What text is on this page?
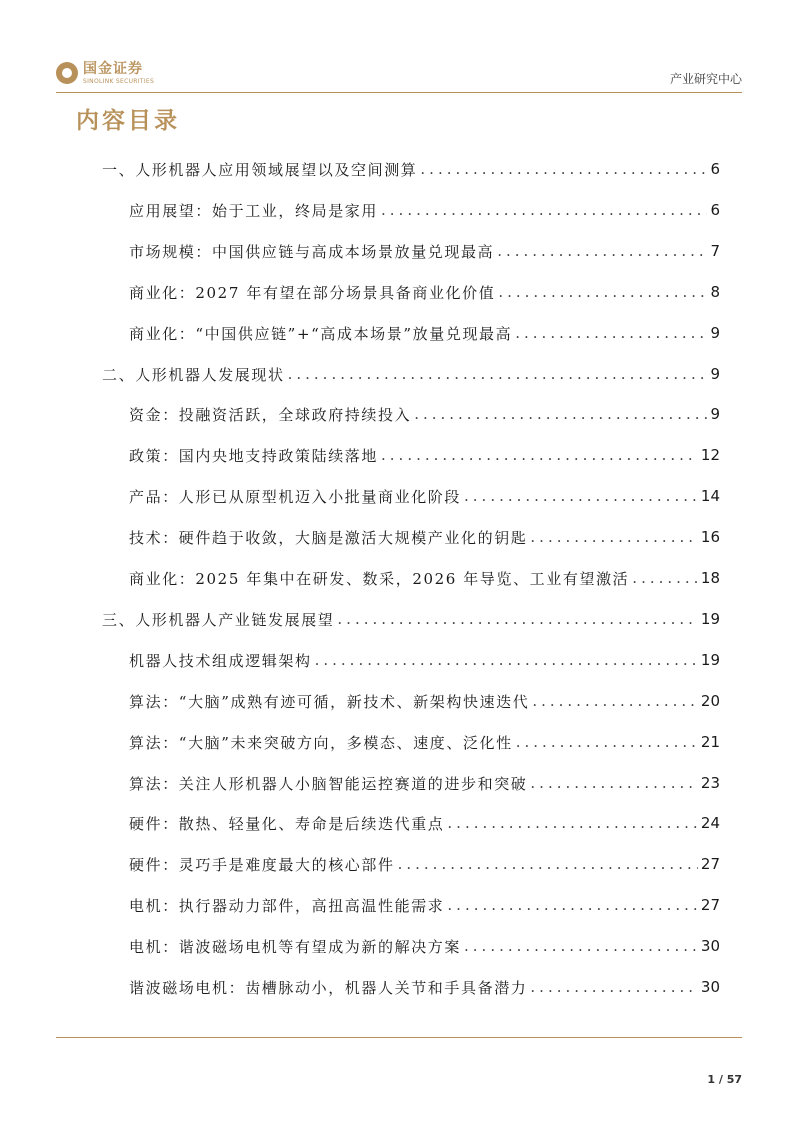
国金证券
SINOLINK SECURITIES	产业研究中心
内容目录
一、人形机器人应用领域展望以及空间测算 .....	6
应用展望：始于工业，终局是家用 .....	6
市场规模：中国供应链与高成本场景放量兑现最高 .....	7
商业化：2027 年有望在部分场景具备商业化价值 .....	8
商业化：“中国供应链”+“高成本场景”放量兑现最高 .....	9
二、人形机器人发展现状 .....	9
资金：投融资活跃，全球政府持续投入 .....	9
政策：国内央地支持政策陆续落地 .....	12
产品：人形已从原型机迈入小批量商业化阶段 .....	14
技术：硬件趋于收敛，大脑是激活大规模产业化的钥匙 .....	16
商业化：2025 年集中在研发、数采，2026 年导览、工业有望激活 .....	18
三、人形机器人产业链发展展望 .....	19
机器人技术组成逻辑架构 .....	19
算法：“大脑”成熟有迹可循，新技术、新架构快速迭代 .....	20
算法：“大脑”未来突破方向，多模态、速度、泛化性 .....	21
算法：关注人形机器人小脑智能运控赛道的进步和突破 .....	23
硬件：散热、轻量化、寿命是后续迭代重点 .....	24
硬件：灵巧手是难度最大的核心部件 .....	27
电机：执行器动力部件，高扭高温性能需求 .....	27
电机：谐波磁场电机等有望成为新的解决方案 .....	30
谐波磁场电机：齿槽脉动小，机器人关节和手具备潜力 .....	30
1 / 57
